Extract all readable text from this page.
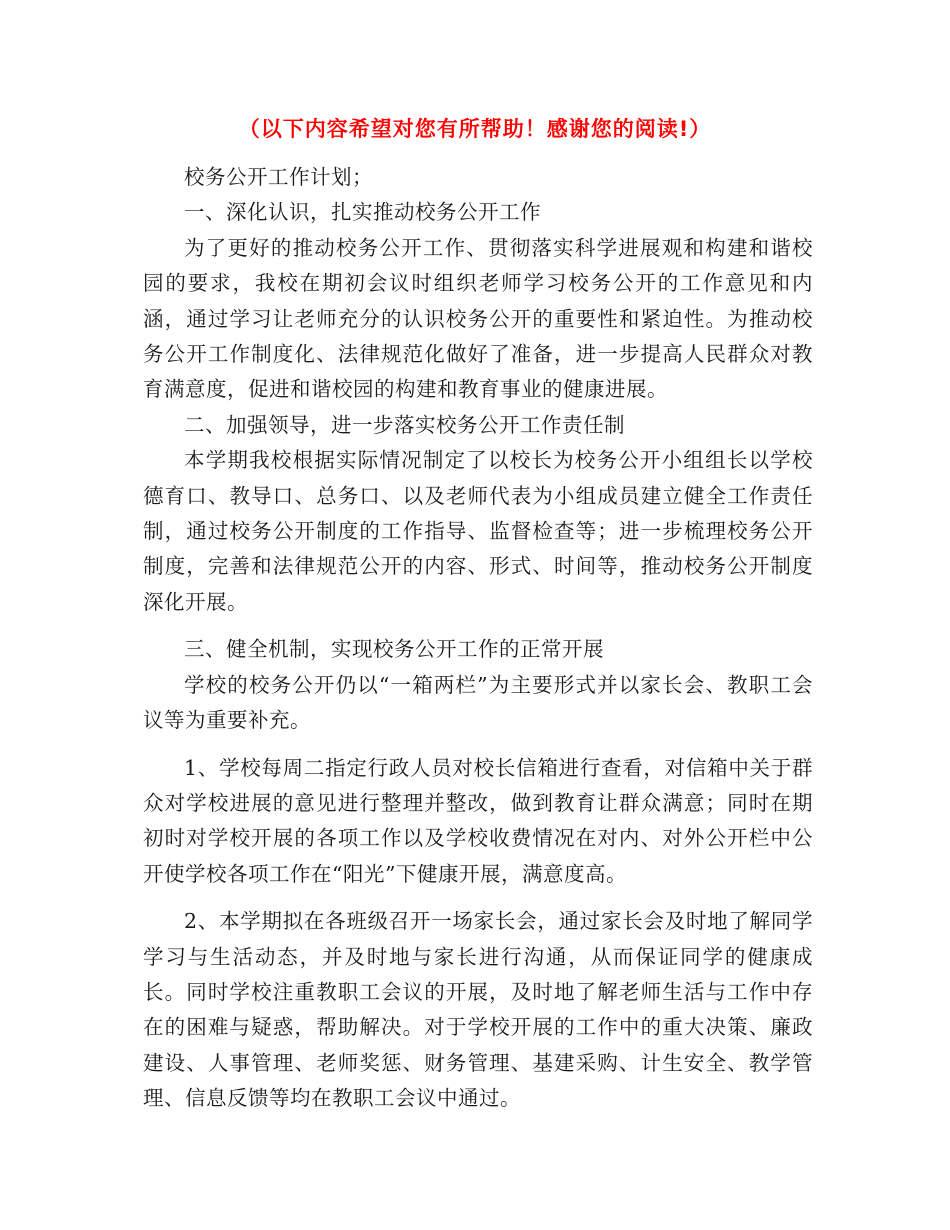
（以下内容希望对您有所帮助！感谢您的阅读!）

校务公开工作计划；

一、深化认识，扎实推动校务公开工作

为了更好的推动校务公开工作、贯彻落实科学进展观和构建和谐校园的要求，我校在期初会议时组织老师学习校务公开的工作意见和内涵，通过学习让老师充分的认识校务公开的重要性和紧迫性。为推动校务公开工作制度化、法律规范化做好了准备，进一步提高人民群众对教育满意度，促进和谐校园的构建和教育事业的健康进展。

二、加强领导，进一步落实校务公开工作责任制

本学期我校根据实际情况制定了以校长为校务公开小组组长以学校德育口、教导口、总务口、以及老师代表为小组成员建立健全工作责任制，通过校务公开制度的工作指导、监督检查等；进一步梳理校务公开制度，完善和法律规范公开的内容、形式、时间等，推动校务公开制度深化开展。

三、健全机制，实现校务公开工作的正常开展

学校的校务公开仍以“一箱两栏”为主要形式并以家长会、教职工会议等为重要补充。

1、学校每周二指定行政人员对校长信箱进行查看，对信箱中关于群众对学校进展的意见进行整理并整改，做到教育让群众满意；同时在期初时对学校开展的各项工作以及学校收费情况在对内、对外公开栏中公开使学校各项工作在“阳光”下健康开展，满意度高。

2、本学期拟在各班级召开一场家长会，通过家长会及时地了解同学学习与生活动态，并及时地与家长进行沟通，从而保证同学的健康成长。同时学校注重教职工会议的开展，及时地了解老师生活与工作中存在的困难与疑惑，帮助解决。对于学校开展的工作中的重大决策、廉政建设、人事管理、老师奖惩、财务管理、基建采购、计生安全、教学管理、信息反馈等均在教职工会议中通过。
